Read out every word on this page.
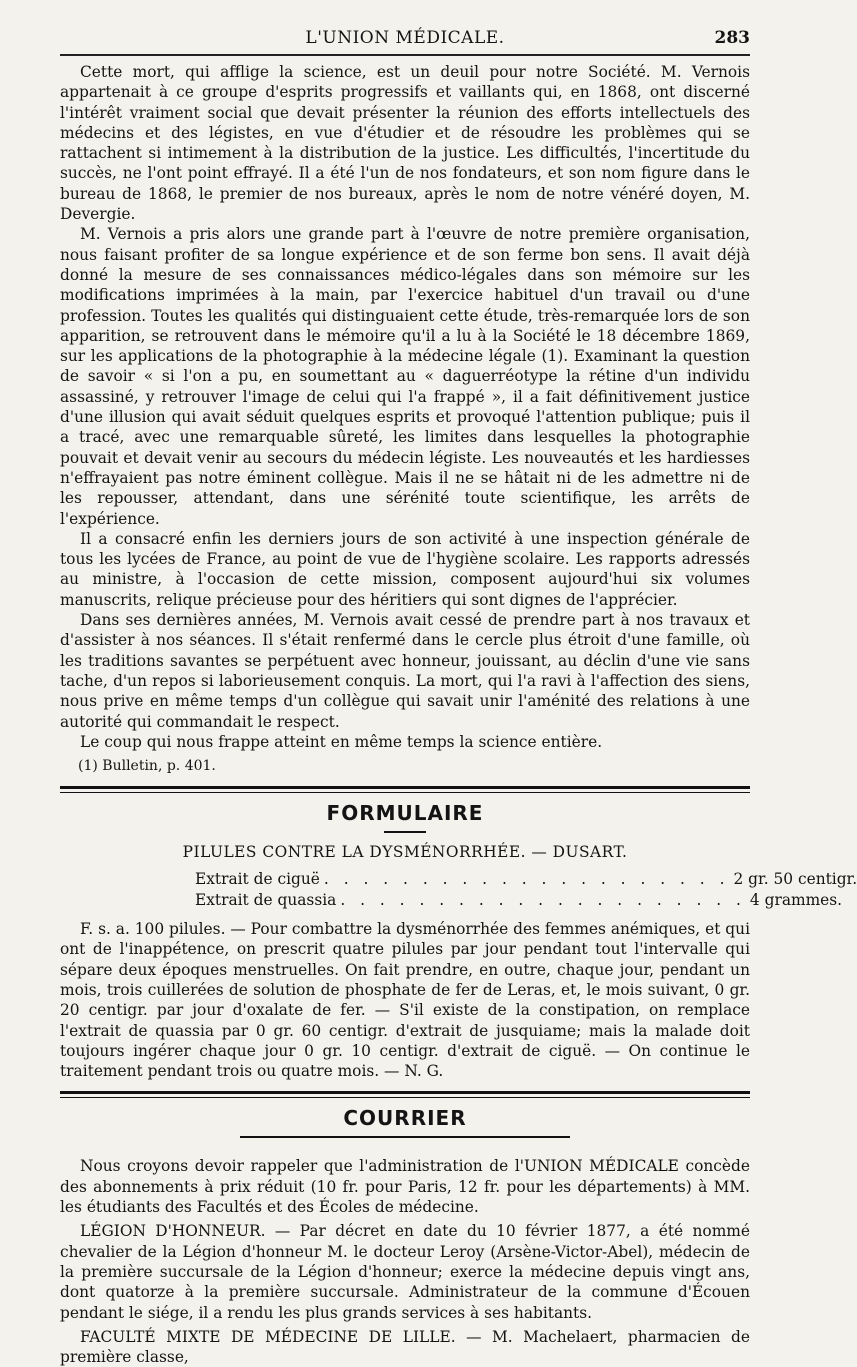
L'UNION MÉDICALE.	283

Cette mort, qui afflige la science, est un deuil pour notre Société. M. Vernois appartenait à ce groupe d'esprits progressifs et vaillants qui, en 1868, ont discerné l'intérêt vraiment social que devait présenter la réunion des efforts intellectuels des médecins et des légistes, en vue d'étudier et de résoudre les problèmes qui se rattachent si intimement à la distribution de la justice. Les difficultés, l'incertitude du succès, ne l'ont point effrayé. Il a été l'un de nos fondateurs, et son nom figure dans le bureau de 1868, le premier de nos bureaux, après le nom de notre vénéré doyen, M. Devergie.

M. Vernois a pris alors une grande part à l'œuvre de notre première organisation, nous faisant profiter de sa longue expérience et de son ferme bon sens. Il avait déjà donné la mesure de ses connaissances médico-légales dans son mémoire sur les modifications imprimées à la main, par l'exercice habituel d'un travail ou d'une profession. Toutes les qualités qui distinguaient cette étude, très-remarquée lors de son apparition, se retrouvent dans le mémoire qu'il a lu à la Société le 18 décembre 1869, sur les applications de la photographie à la médecine légale (1). Examinant la question de savoir « si l'on a pu, en soumettant au « daguerréotype la rétine d'un individu assassiné, y retrouver l'image de celui qui l'a frappé », il a fait définitivement justice d'une illusion qui avait séduit quelques esprits et provoqué l'attention publique; puis il a tracé, avec une remarquable sûreté, les limites dans lesquelles la photographie pouvait et devait venir au secours du médecin légiste. Les nouveautés et les hardiesses n'effrayaient pas notre éminent collègue. Mais il ne se hâtait ni de les admettre ni de les repousser, attendant, dans une sérénité toute scientifique, les arrêts de l'expérience.

Il a consacré enfin les derniers jours de son activité à une inspection générale de tous les lycées de France, au point de vue de l'hygiène scolaire. Les rapports adressés au ministre, à l'occasion de cette mission, composent aujourd'hui six volumes manuscrits, relique précieuse pour des héritiers qui sont dignes de l'apprécier.

Dans ses dernières années, M. Vernois avait cessé de prendre part à nos travaux et d'assister à nos séances. Il s'était renfermé dans le cercle plus étroit d'une famille, où les traditions savantes se perpétuent avec honneur, jouissant, au déclin d'une vie sans tache, d'un repos si laborieusement conquis. La mort, qui l'a ravi à l'affection des siens, nous prive en même temps d'un collègue qui savait unir l'aménité des relations à une autorité qui commandait le respect.

Le coup qui nous frappe atteint en même temps la science entière.

(1) Bulletin, p. 401.

FORMULAIRE
PILULES CONTRE LA DYSMÉNORRHÉE. — DUSART.
Extrait de ciguë . . . . . . . . . . . . . . . . . . . . . 2 gr. 50 centigr.
Extrait de quassia . . . . . . . . . . . . . . . . . . . . . 4 grammes.

F. s. a. 100 pilules. — Pour combattre la dysménorrhée des femmes anémiques, et qui ont de l'inappétence, on prescrit quatre pilules par jour pendant tout l'intervalle qui sépare deux époques menstruelles. On fait prendre, en outre, chaque jour, pendant un mois, trois cuillerées de solution de phosphate de fer de Leras, et, le mois suivant, 0 gr. 20 centigr. par jour d'oxalate de fer. — S'il existe de la constipation, on remplace l'extrait de quassia par 0 gr. 60 centigr. d'extrait de jusquiame; mais la malade doit toujours ingérer chaque jour 0 gr. 10 centigr. d'extrait de ciguë. — On continue le traitement pendant trois ou quatre mois. — N. G.

COURRIER

Nous croyons devoir rappeler que l'administration de l'UNION MÉDICALE concède des abonnements à prix réduit (10 fr. pour Paris, 12 fr. pour les départements) à MM. les étudiants des Facultés et des Écoles de médecine.

LÉGION D'HONNEUR. — Par décret en date du 10 février 1877, a été nommé chevalier de la Légion d'honneur M. le docteur Leroy (Arsène-Victor-Abel), médecin de la première succursale de la Légion d'honneur; exerce la médecine depuis vingt ans, dont quatorze à la première succursale. Administrateur de la commune d'Écouen pendant le siége, il a rendu les plus grands services à ses habitants.

FACULTÉ MIXTE DE MÉDECINE DE LILLE. — M. Machelaert, pharmacien de première classe,
